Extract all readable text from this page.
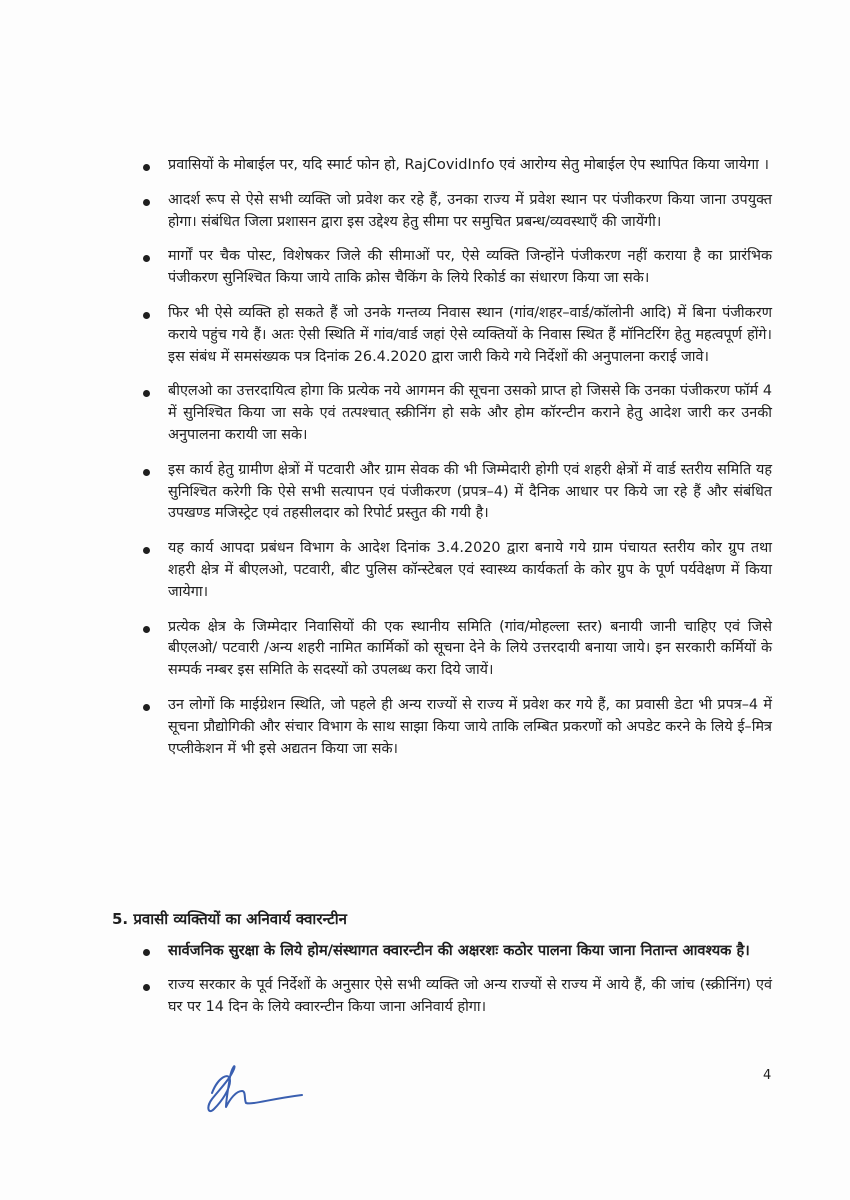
प्रवासियों के मोबाईल पर, यदि स्मार्ट फोन हो, RajCovidInfo एवं आरोग्य सेतु मोबाईल ऐप स्थापित किया जायेगा ।
आदर्श रूप से ऐसे सभी व्यक्ति जो प्रवेश कर रहे हैं, उनका राज्य में प्रवेश स्थान पर पंजीकरण किया जाना उपयुक्त होगा। संबंधित जिला प्रशासन द्वारा इस उद्देश्य हेतु सीमा पर समुचित प्रबन्ध/व्यवस्थाऍं की जायेंगी।
मार्गों पर चैक पोस्ट, विशेषकर जिले की सीमाओं पर, ऐसे व्यक्ति जिन्होंने पंजीकरण नहीं कराया है का प्रारंभिक पंजीकरण सुनिश्चित किया जाये ताकि क्रोस चैकिंग के लिये रिकोर्ड का संधारण किया जा सके।
फिर भी ऐसे व्यक्ति हो सकते हैं जो उनके गन्तव्य निवास स्थान (गांव/शहर–वार्ड/कॉलोनी आदि) में बिना पंजीकरण कराये पहुंच गये हैं। अतः ऐसी स्थिति में गांव/वार्ड जहां ऐसे व्यक्तियों के निवास स्थित हैं मॉनिटरिंग हेतु महत्वपूर्ण होंगे। इस संबंध में समसंख्यक पत्र दिनांक 26.4.2020 द्वारा जारी किये गये निर्देशों की अनुपालना कराई जावे।
बीएलओ का उत्तरदायित्व होगा कि प्रत्येक नये आगमन की सूचना उसको प्राप्त हो जिससे कि उनका पंजीकरण फॉर्म 4 में सुनिश्चित किया जा सके एवं तत्पश्चात् स्क्रीनिंग हो सके और होम कॉरन्टीन कराने हेतु आदेश जारी कर उनकी अनुपालना करायी जा सके।
इस कार्य हेतु ग्रामीण क्षेत्रों में पटवारी और ग्राम सेवक की भी जिम्मेदारी होगी एवं शहरी क्षेत्रों में वार्ड स्तरीय समिति यह सुनिश्चित करेगी कि ऐसे सभी सत्यापन एवं पंजीकरण (प्रपत्र–4) में दैनिक आधार पर किये जा रहे हैं और संबंधित उपखण्ड मजिस्ट्रेट एवं तहसीलदार को रिपोर्ट प्रस्तुत की गयी है।
यह कार्य आपदा प्रबंधन विभाग के आदेश दिनांक 3.4.2020 द्वारा बनाये गये ग्राम पंचायत स्तरीय कोर ग्रुप तथा शहरी क्षेत्र में बीएलओ, पटवारी, बीट पुलिस कॉन्स्टेबल एवं स्वास्थ्य कार्यकर्ता के कोर ग्रुप के पूर्ण पर्यवेक्षण में किया जायेगा।
प्रत्येक क्षेत्र के जिम्मेदार निवासियों की एक स्थानीय समिति (गांव/मोहल्ला स्तर) बनायी जानी चाहिए एवं जिसे बीएलओ/ पटवारी /अन्य शहरी नामित कार्मिकों को सूचना देने के लिये उत्तरदायी बनाया जाये। इन सरकारी कर्मियों के सम्पर्क नम्बर इस समिति के सदस्यों को उपलब्ध करा दिये जायें।
उन लोगों कि माईग्रेशन स्थिति, जो पहले ही अन्य राज्यों से राज्य में प्रवेश कर गये हैं, का प्रवासी डेटा भी प्रपत्र–4 में सूचना प्रौद्योगिकी और संचार विभाग के साथ साझा किया जाये ताकि लम्बित प्रकरणों को अपडेट करने के लिये ई–मित्र एप्लीकेशन में भी इसे अद्यतन किया जा सके।
5. प्रवासी व्यक्तियों का अनिवार्य क्वारन्टीन
सार्वजनिक सुरक्षा के लिये होम/संस्थागत क्वारन्टीन की अक्षरशः कठोर पालना किया जाना नितान्त आवश्यक है।
राज्य सरकार के पूर्व निर्देशों के अनुसार ऐसे सभी व्यक्ति जो अन्य राज्यों से राज्य में आये हैं, की जांच (स्क्रीनिंग) एवं घर पर 14 दिन के लिये क्वारन्टीन किया जाना अनिवार्य होगा।
4
